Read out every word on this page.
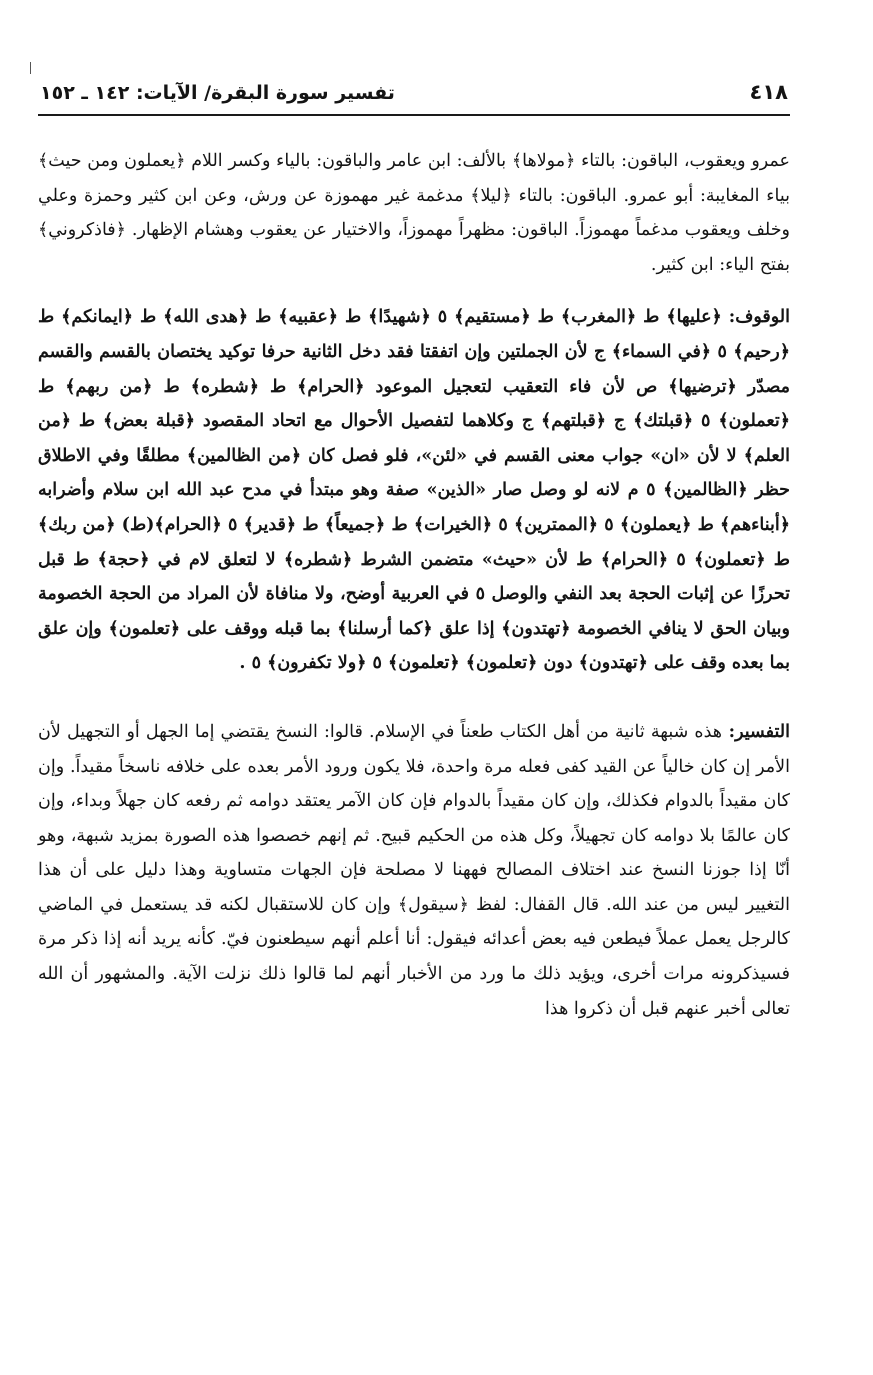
٤١٨
تفسير سورة البقرة/ الآيات: ١٤٢ ـ ١٥٢

عمرو ويعقوب، الباقون: بالتاء ﴿مولاها﴾ بالألف: ابن عامر والباقون: بالياء وكسر اللام ﴿يعملون ومن حيث﴾ بياء المغايبة: أبو عمرو. الباقون: بالتاء ﴿ليلا﴾ مدغمة غير مهموزة عن ورش، وعن ابن كثير وحمزة وعلي وخلف ويعقوب مدغماً مهموزاً. الباقون: مظهراً مهموزاً، والاختيار عن يعقوب وهشام الإظهار. ﴿فاذكروني﴾ بفتح الياء: ابن كثير.

الوقوف: ﴿عليها﴾ ط ﴿المغرب﴾ ط ﴿مستقيم﴾ ٥ ﴿شهيدًا﴾ ط ﴿عقبيه﴾ ط ﴿هدى الله﴾ ط ﴿ايمانكم﴾ ط ﴿رحيم﴾ ٥ ﴿في السماء﴾ ج لأن الجملتين وإن اتفقتا فقد دخل الثانية حرفا توكيد يختصان بالقسم والقسم مصدّر ﴿ترضيها﴾ ص لأن فاء التعقيب لتعجيل الموعود ﴿الحرام﴾ ط ﴿شطره﴾ ط ﴿من ربهم﴾ ط ﴿تعملون﴾ ٥ ﴿قبلتك﴾ ج ﴿قبلتهم﴾ ج وكلاهما لتفصيل الأحوال مع اتحاد المقصود ﴿قبلة بعض﴾ ط ﴿من العلم﴾ لا لأن «ان» جواب معنى القسم في «لئن»، فلو فصل كان ﴿من الظالمين﴾ مطلقًا وفي الاطلاق حظر ﴿الظالمين﴾ ٥ م لانه لو وصل صار «الذين» صفة وهو مبتدأ في مدح عبد الله ابن سلام وأضرابه ﴿أبناءهم﴾ ط ﴿يعملون﴾ ٥ ﴿الممترين﴾ ٥ ﴿الخيرات﴾ ط ﴿جميعاً﴾ ط ﴿قدير﴾ ٥ ﴿الحرام﴾(ط) ﴿من ربك﴾ ط ﴿تعملون﴾ ٥ ﴿الحرام﴾ ط لأن «حيث» متضمن الشرط ﴿شطره﴾ لا لتعلق لام في ﴿حجة﴾ ط قبل تحرزًا عن إثبات الحجة بعد النفي والوصل ٥ في العربية أوضح، ولا منافاة لأن المراد من الحجة الخصومة وبيان الحق لا ينافي الخصومة ﴿تهتدون﴾ إذا علق ﴿كما أرسلنا﴾ بما قبله ووقف على ﴿تعلمون﴾ وإن علق بما بعده وقف على ﴿تهتدون﴾ دون ﴿تعلمون﴾ ﴿تعلمون﴾ ٥ ﴿ولا تكفرون﴾ ٥ .

التفسير: هذه شبهة ثانية من أهل الكتاب طعناً في الإسلام. قالوا: النسخ يقتضي إما الجهل أو التجهيل لأن الأمر إن كان خالياً عن القيد كفى فعله مرة واحدة، فلا يكون ورود الأمر بعده على خلافه ناسخاً مقيداً. وإن كان مقيداً بالدوام فكذلك، وإن كان مقيداً بالدوام فإن كان الآمر يعتقد دوامه ثم رفعه كان جهلاً وبداء، وإن كان عالمًا بلا دوامه كان تجهيلاً، وكل هذه من الحكيم قبيح. ثم إنهم خصصوا هذه الصورة بمزيد شبهة، وهو أنّا إذا جوزنا النسخ عند اختلاف المصالح فههنا لا مصلحة فإن الجهات متساوية وهذا دليل على أن هذا التغيير ليس من عند الله. قال القفال: لفظ ﴿سيقول﴾ وإن كان للاستقبال لكنه قد يستعمل في الماضي كالرجل يعمل عملاً فيطعن فيه بعض أعدائه فيقول: أنا أعلم أنهم سيطعنون فيّ. كأنه يريد أنه إذا ذكر مرة فسيذكرونه مرات أخرى، ويؤيد ذلك ما ورد من الأخبار أنهم لما قالوا ذلك نزلت الآية. والمشهور أن الله تعالى أخبر عنهم قبل أن ذكروا هذا
